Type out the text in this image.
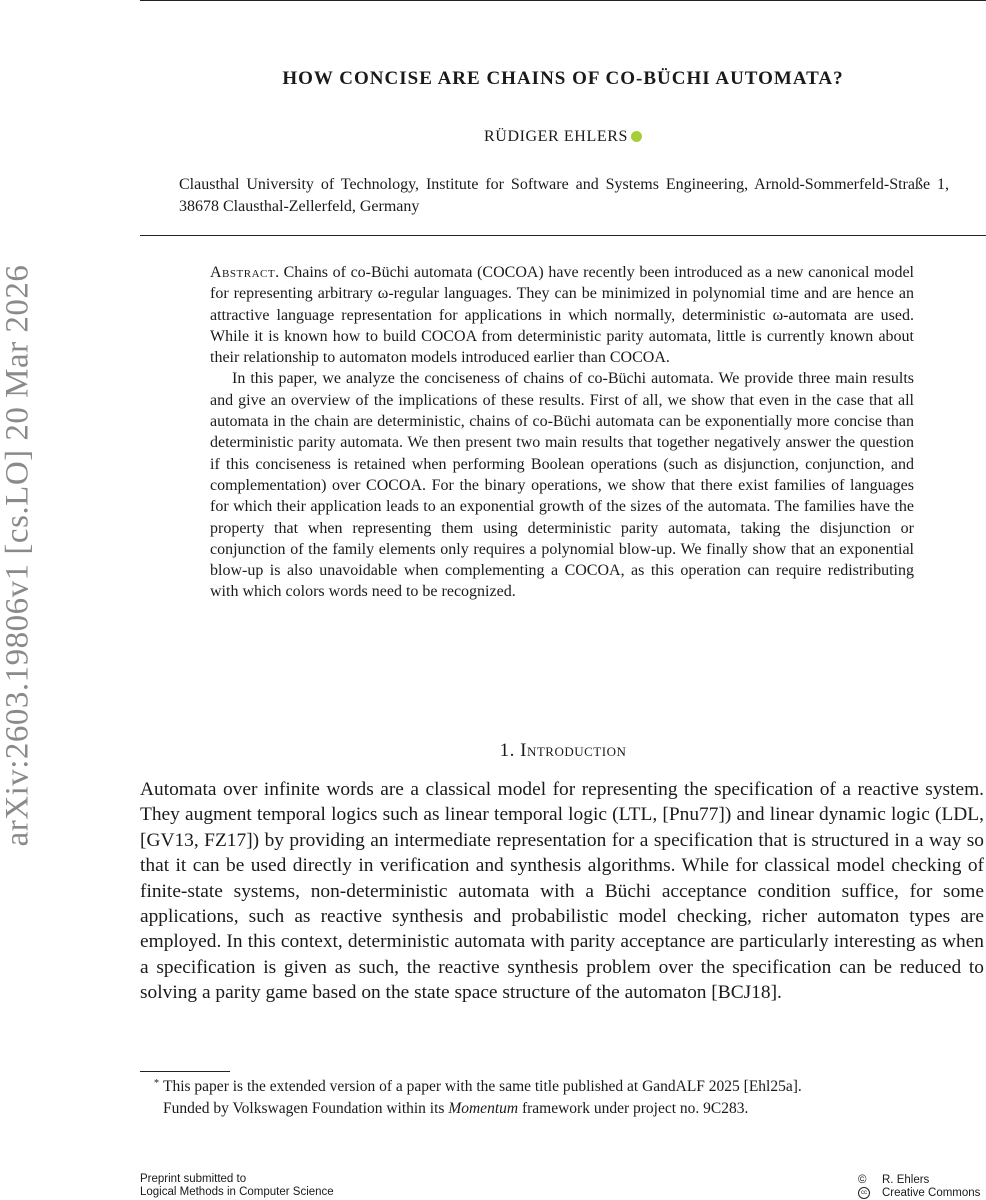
arXiv:2603.19806v1 [cs.LO] 20 Mar 2026
HOW CONCISE ARE CHAINS OF CO-BÜCHI AUTOMATA?
RÜDIGER EHLERS
Clausthal University of Technology, Institute for Software and Systems Engineering, Arnold-Sommerfeld-Straße 1, 38678 Clausthal-Zellerfeld, Germany

Abstract. Chains of co-Büchi automata (COCOA) have recently been introduced as a new canonical model for representing arbitrary ω-regular languages. They can be minimized in polynomial time and are hence an attractive language representation for applications in which normally, deterministic ω-automata are used. While it is known how to build COCOA from deterministic parity automata, little is currently known about their relationship to automaton models introduced earlier than COCOA.

In this paper, we analyze the conciseness of chains of co-Büchi automata. We provide three main results and give an overview of the implications of these results. First of all, we show that even in the case that all automata in the chain are deterministic, chains of co-Büchi automata can be exponentially more concise than deterministic parity automata. We then present two main results that together negatively answer the question if this conciseness is retained when performing Boolean operations (such as disjunction, conjunction, and complementation) over COCOA. For the binary operations, we show that there exist families of languages for which their application leads to an exponential growth of the sizes of the automata. The families have the property that when representing them using deterministic parity automata, taking the disjunction or conjunction of the family elements only requires a polynomial blow-up. We finally show that an exponential blow-up is also unavoidable when complementing a COCOA, as this operation can require redistributing with which colors words need to be recognized.

1. Introduction

Automata over infinite words are a classical model for representing the specification of a reactive system. They augment temporal logics such as linear temporal logic (LTL, [Pnu77]) and linear dynamic logic (LDL, [GV13, FZ17]) by providing an intermediate representation for a specification that is structured in a way so that it can be used directly in verification and synthesis algorithms. While for classical model checking of finite-state systems, non-deterministic automata with a Büchi acceptance condition suffice, for some applications, such as reactive synthesis and probabilistic model checking, richer automaton types are employed. In this context, deterministic automata with parity acceptance are particularly interesting as when a specification is given as such, the reactive synthesis problem over the specification can be reduced to solving a parity game based on the state space structure of the automaton [BCJ18].

* This paper is the extended version of a paper with the same title published at GandALF 2025 [Ehl25a].

Funded by Volkswagen Foundation within its Momentum framework under project no. 9C283.

Preprint submitted to
Logical Methods in Computer Science
© R. Ehlers
cc Creative Commons
